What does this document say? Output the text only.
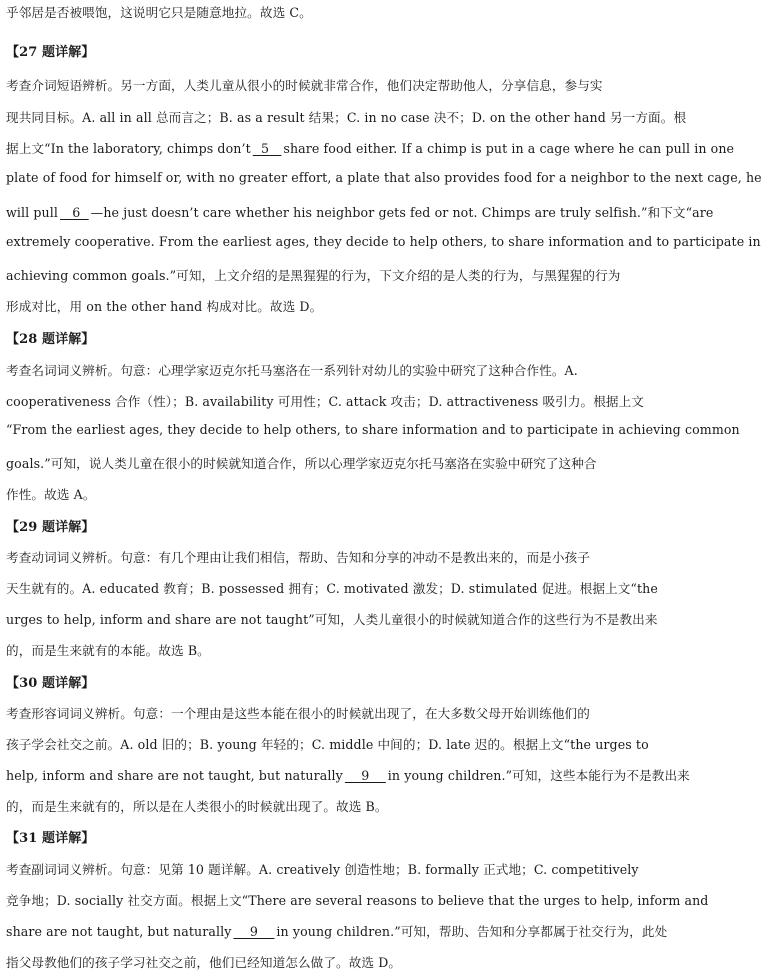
乎邻居是否被喂饱，这说明它只是随意地拉。故选 C。
【27 题详解】
考查介词短语辨析。另一方面，人类儿童从很小的时候就非常合作，他们决定帮助他人，分享信息，参与实
现共同目标。A. all in all 总而言之；B. as a result 结果；C. in no case 决不；D. on the other hand 另一方面。根
据上文“In the laboratory, chimps don’t  5   share food either. If a chimp is put in a cage where he can pull in one
plate of food for himself or, with no greater effort, a plate that also provides food for a neighbor to the next cage, he
will pull   6  —he just doesn’t care whether his neighbor gets fed or not. Chimps are truly selfish.”和下文“are
extremely cooperative. From the earliest ages, they decide to help others, to share information and to participate in
achieving common goals.”可知，上文介绍的是黑猩猩的行为，下文介绍的是人类的行为，与黑猩猩的行为
形成对比，用 on the other hand 构成对比。故选 D。
【28 题详解】
考查名词词义辨析。句意：心理学家迈克尔托马塞洛在一系列针对幼儿的实验中研究了这种合作性。A.
cooperativeness 合作（性）；B. availability 可用性；C. attack 攻击；D. attractiveness 吸引力。根据上文
“From the earliest ages, they decide to help others, to share information and to participate in achieving common
goals.”可知，说人类儿童在很小的时候就知道合作，所以心理学家迈克尔托马塞洛在实验中研究了这种合
作性。故选 A。
【29 题详解】
考查动词词义辨析。句意：有几个理由让我们相信，帮助、告知和分享的冲动不是教出来的，而是小孩子
天生就有的。A. educated 教育；B. possessed 拥有；C. motivated 激发；D. stimulated 促进。根据上文“the
urges to help, inform and share are not taught”可知，人类儿童很小的时候就知道合作的这些行为不是教出来
的，而是生来就有的本能。故选 B。
【30 题详解】
考查形容词词义辨析。句意：一个理由是这些本能在很小的时候就出现了，在大多数父母开始训练他们的
孩子学会社交之前。A. old 旧的；B. young 年轻的；C. middle 中间的；D. late 迟的。根据上文“the urges to
help, inform and share are not taught, but naturally    9    in young children.”可知，这些本能行为不是教出来
的，而是生来就有的，所以是在人类很小的时候就出现了。故选 B。
【31 题详解】
考查副词词义辨析。句意：见第 10 题详解。A. creatively 创造性地；B. formally 正式地；C. competitively
竞争地；D. socially 社交方面。根据上文“There are several reasons to believe that the urges to help, inform and
share are not taught, but naturally    9    in young children.”可知，帮助、告知和分享都属于社交行为，此处
指父母教他们的孩子学习社交之前，他们已经知道怎么做了。故选 D。
